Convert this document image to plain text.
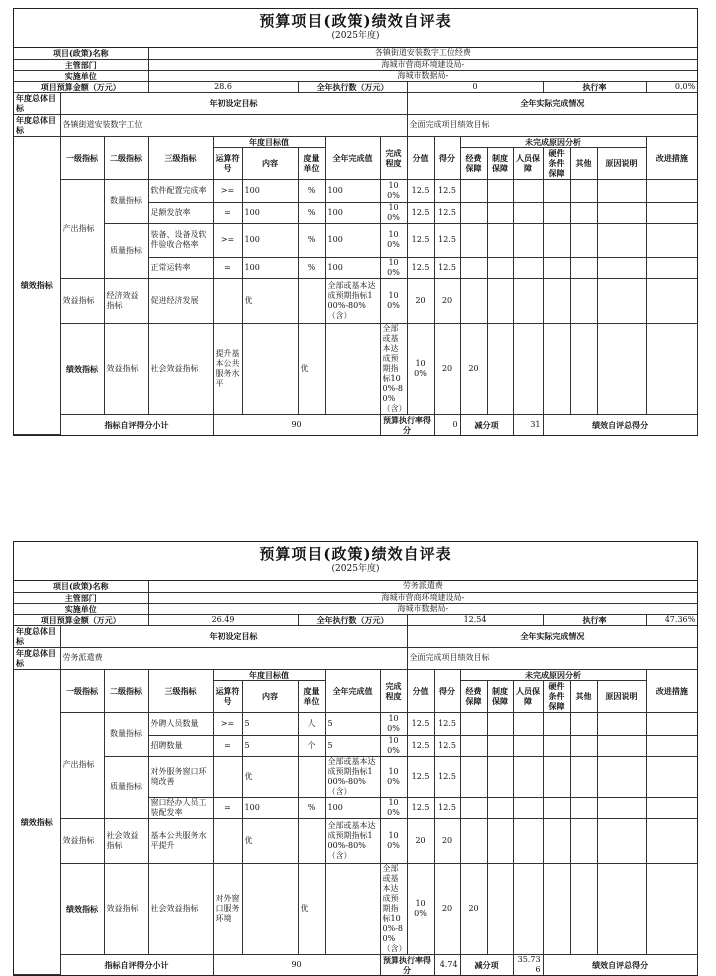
预算项目(政策)绩效自评表
(2025年度)
项目(政策)名称			各镇街道安装数字工位经费															
主管部门			海城市营商环境建设局-															
实施单位			海城市数据局-															
项目预算金额（万元）			28.6			全年执行数（万元）			0					执行率			0.0%	
年度总体目标	年初设定目标								全年实际完成情况									
年度总体目标	各镇街道安装数字工位								全面完成项目绩效目标									
绩效指标	一级指标	二级指标	三级指标	年度目标值			全年完成值	完成程度	分值	得分	未完成原因分析						改进措施	
				运算符号	内容	度量单位					经费保障	制度保障	人员保障	硬件条件保障	其他	原因说明		
	产出指标	数量指标	软件配置完成率	>=	100	%	100	100%	12.5	12.5								
			足额发放率	=	100	%	100	100%	12.5	12.5								
		质量指标	装备、设备及软件验收合格率	>=	100	%	100	100%	12.5	12.5								
			正常运转率	=	100	%	100	100%	12.5	12.5								
	效益指标	经济效益指标	促进经济发展		优		全部或基本达成预期指标100%-80%（含）	100%	20	20								
	绩效指标	效益指标	社会效益指标	提升基本公共服务水平		优		全部或基本达成预期指标100%-80%（含）	100%	20	20							
	指标自评得分小计			90				预算执行率得分		0	减分项		31	绩效自评总得分	
预算项目(政策)绩效自评表
(2025年度)
项目(政策)名称			劳务派遣费															
主管部门			海城市营商环境建设局-															
实施单位			海城市数据局-															
项目预算金额（万元）			26.49			全年执行数（万元）			12.54					执行率			47.36%	
年度总体目标	年初设定目标								全年实际完成情况									
年度总体目标	劳务派遣费								全面完成项目绩效目标									
绩效指标	一级指标	二级指标	三级指标	年度目标值			全年完成值	完成程度	分值	得分	未完成原因分析						改进措施	
				运算符号	内容	度量单位					经费保障	制度保障	人员保障	硬件条件保障	其他	原因说明		
	产出指标	数量指标	外聘人员数量	>=	5	人	5	100%	12.5	12.5								
			招聘数量	=	5	个	5	100%	12.5	12.5								
		质量指标	对外服务窗口环境改善		优		全部或基本达成预期指标100%-80%（含）	100%	12.5	12.5								
			窗口经办人员工装配发率	=	100	%	100	100%	12.5	12.5								
	效益指标	社会效益指标	基本公共服务水平提升		优		全部或基本达成预期指标100%-80%（含）	100%	20	20								
	绩效指标	效益指标	社会效益指标	对外窗口服务环境		优		全部或基本达成预期指标100%-80%（含）	100%	20	20							
	指标自评得分小计			90				预算执行率得分		4.74	减分项		35.736	绩效自评总得分	
